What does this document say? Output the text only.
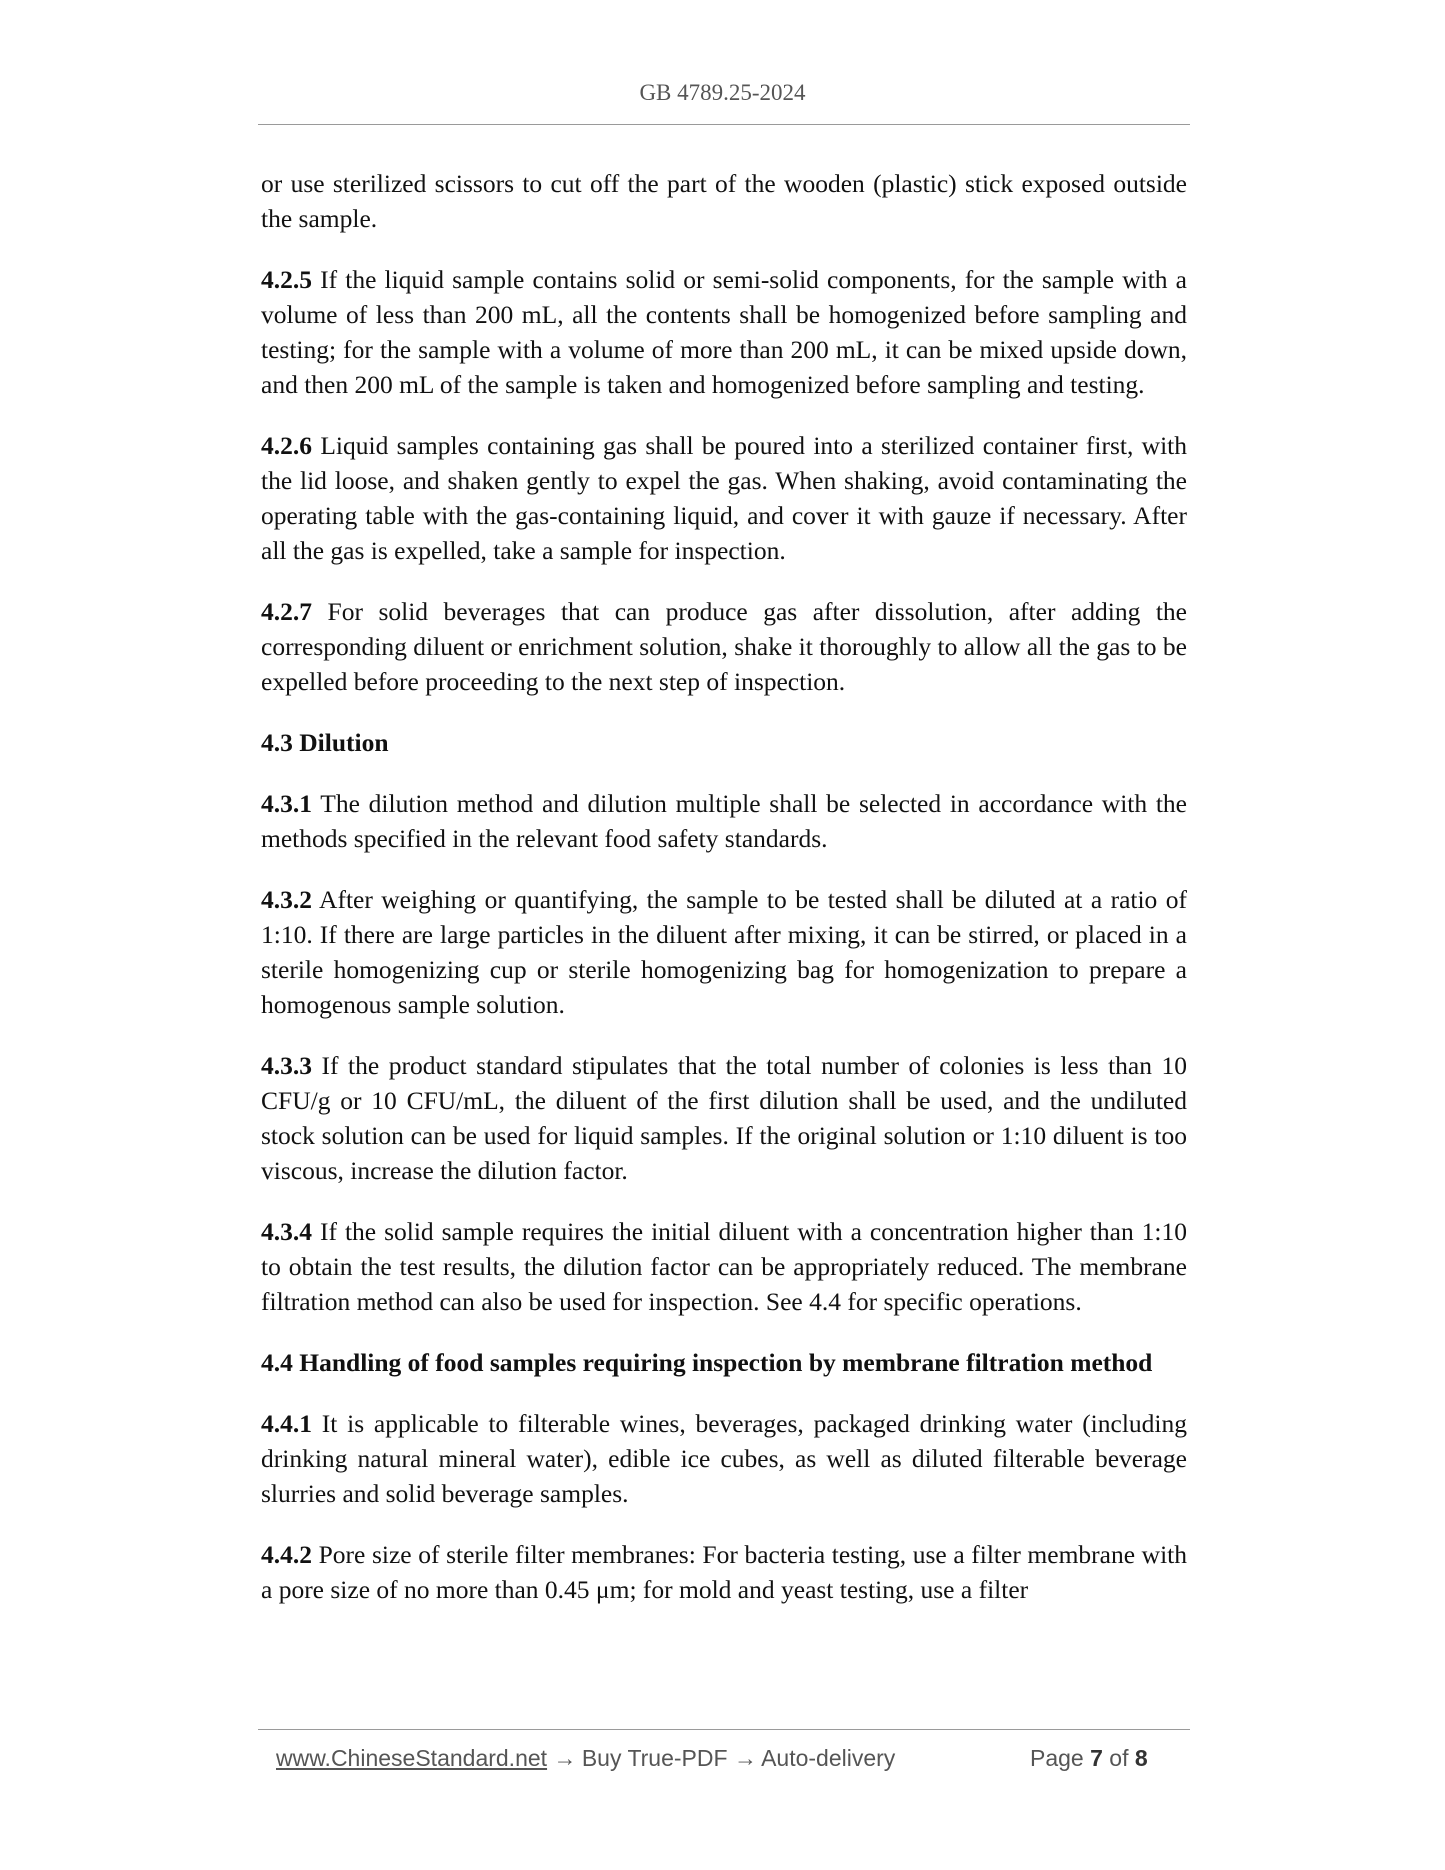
GB 4789.25-2024

or use sterilized scissors to cut off the part of the wooden (plastic) stick exposed outside the sample.

4.2.5 If the liquid sample contains solid or semi-solid components, for the sample with a volume of less than 200 mL, all the contents shall be homogenized before sampling and testing; for the sample with a volume of more than 200 mL, it can be mixed upside down, and then 200 mL of the sample is taken and homogenized before sampling and testing.

4.2.6 Liquid samples containing gas shall be poured into a sterilized container first, with the lid loose, and shaken gently to expel the gas. When shaking, avoid contaminating the operating table with the gas-containing liquid, and cover it with gauze if necessary. After all the gas is expelled, take a sample for inspection.

4.2.7 For solid beverages that can produce gas after dissolution, after adding the corresponding diluent or enrichment solution, shake it thoroughly to allow all the gas to be expelled before proceeding to the next step of inspection.

4.3 Dilution

4.3.1 The dilution method and dilution multiple shall be selected in accordance with the methods specified in the relevant food safety standards.

4.3.2 After weighing or quantifying, the sample to be tested shall be diluted at a ratio of 1:10. If there are large particles in the diluent after mixing, it can be stirred, or placed in a sterile homogenizing cup or sterile homogenizing bag for homogenization to prepare a homogenous sample solution.

4.3.3 If the product standard stipulates that the total number of colonies is less than 10 CFU/g or 10 CFU/mL, the diluent of the first dilution shall be used, and the undiluted stock solution can be used for liquid samples. If the original solution or 1:10 diluent is too viscous, increase the dilution factor.

4.3.4 If the solid sample requires the initial diluent with a concentration higher than 1:10 to obtain the test results, the dilution factor can be appropriately reduced. The membrane filtration method can also be used for inspection. See 4.4 for specific operations.

4.4 Handling of food samples requiring inspection by membrane filtration method

4.4.1 It is applicable to filterable wines, beverages, packaged drinking water (including drinking natural mineral water), edible ice cubes, as well as diluted filterable beverage slurries and solid beverage samples.

4.4.2 Pore size of sterile filter membranes: For bacteria testing, use a filter membrane with a pore size of no more than 0.45 μm; for mold and yeast testing, use a filter

www.ChineseStandard.net → Buy True-PDF → Auto-delivery	Page 7 of 8
